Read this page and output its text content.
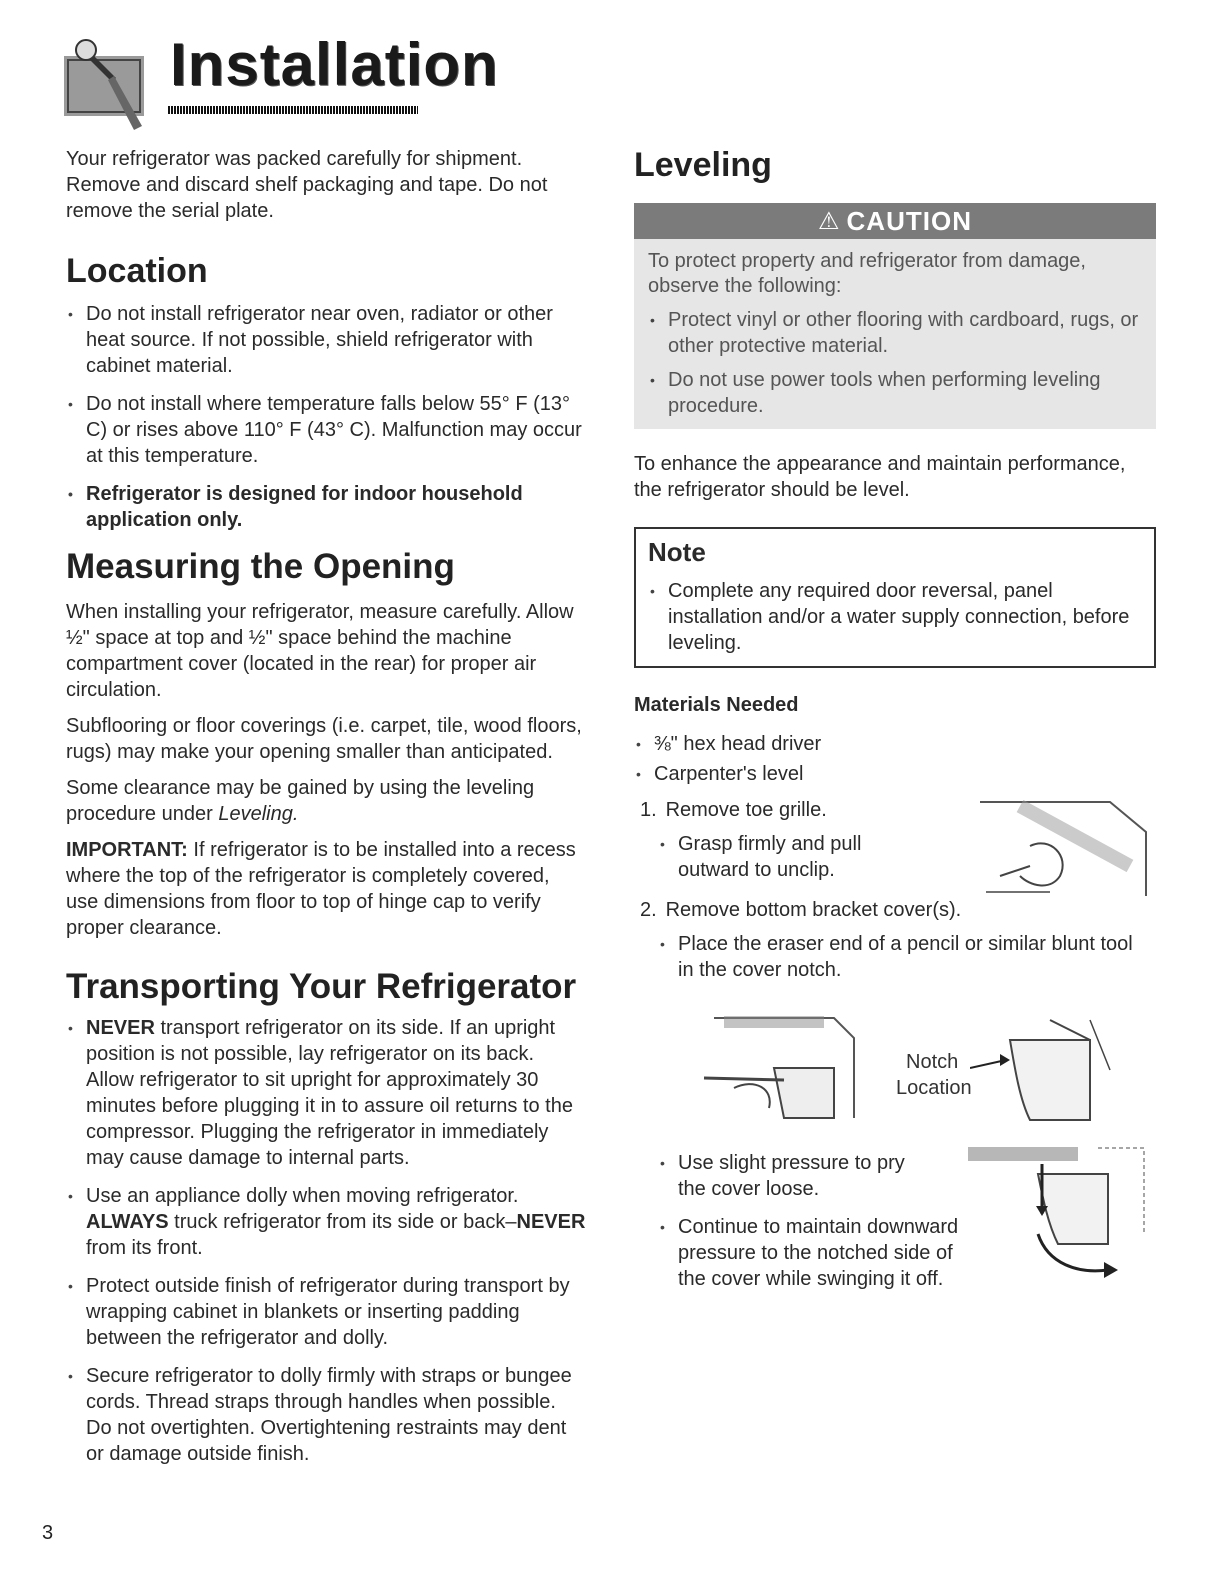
Installation

Your refrigerator was packed carefully for shipment. Remove and discard shelf packaging and tape. Do not remove the serial plate.

Location
• Do not install refrigerator near oven, radiator or other heat source. If not possible, shield refrigerator with cabinet material.
• Do not install where temperature falls below 55° F (13° C) or rises above 110° F (43° C). Malfunction may occur at this temperature.
• Refrigerator is designed for indoor household application only.
Measuring the Opening

When installing your refrigerator, measure carefully. Allow ½" space at top and ½" space behind the machine compartment cover (located in the rear) for proper air circulation.

Subflooring or floor coverings (i.e. carpet, tile, wood floors, rugs) may make your opening smaller than anticipated.

Some clearance may be gained by using the leveling procedure under Leveling.

IMPORTANT: If refrigerator is to be installed into a recess where the top of the refrigerator is completely covered, use dimensions from floor to top of hinge cap to verify proper clearance.

Transporting Your Refrigerator
• NEVER transport refrigerator on its side. If an upright position is not possible, lay refrigerator on its back. Allow refrigerator to sit upright for approximately 30 minutes before plugging it in to assure oil returns to the compressor. Plugging the refrigerator in immediately may cause damage to internal parts.
• Use an appliance dolly when moving refrigerator. ALWAYS truck refrigerator from its side or back–NEVER from its front.
• Protect outside finish of refrigerator during transport by wrapping cabinet in blankets or inserting padding between the refrigerator and dolly.
• Secure refrigerator to dolly firmly with straps or bungee cords. Thread straps through handles when possible. Do not overtighten. Overtightening restraints may dent or damage outside finish.
Leveling
⚠ CAUTION

To protect property and refrigerator from damage, observe the following:

• Protect vinyl or other flooring with cardboard, rugs, or other protective material.
• Do not use power tools when performing leveling procedure.

To enhance the appearance and maintain performance, the refrigerator should be level.

Note
• Complete any required door reversal, panel installation and/or a water supply connection, before leveling.
Materials Needed
• ⅜" hex head driver
• Carpenter's level

1. Remove toe grille.

• Grasp firmly and pull outward to unclip.

2. Remove bottom bracket cover(s).

• Place the eraser end of a pencil or similar blunt tool in the cover notch.

Notch
Location

• Use slight pressure to pry the cover loose.

• Continue to maintain downward pressure to the notched side of the cover while swinging it off.

3
